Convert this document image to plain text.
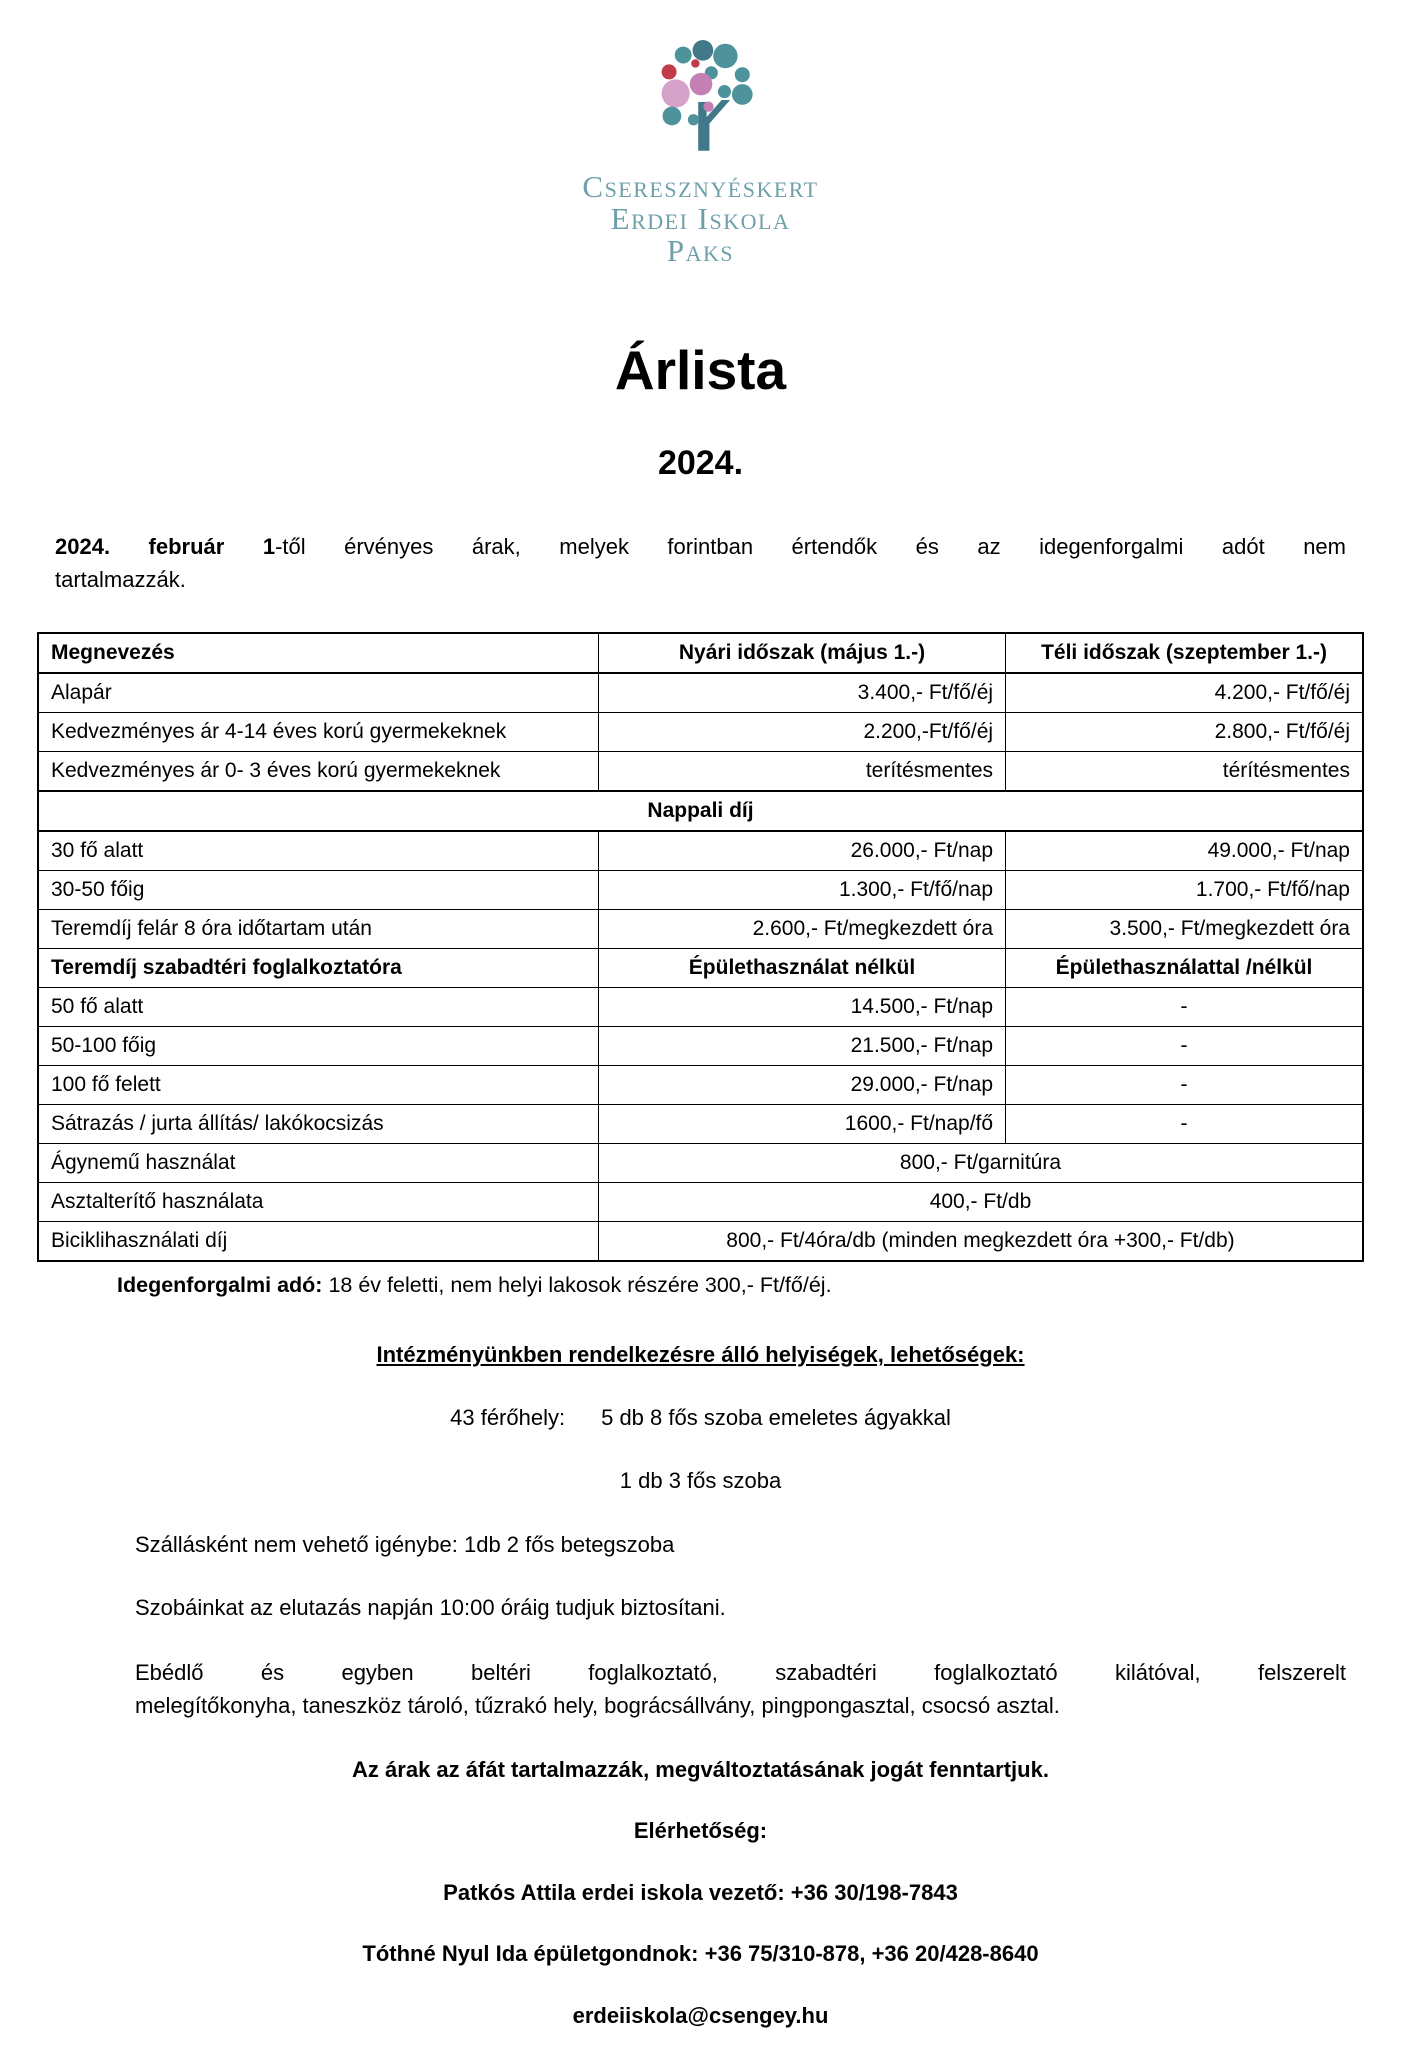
Cseresznyéskert
Erdei Iskola
Paks
Árlista
2024.
2024. február 1-től érvényes árak, melyek forintban értendők és az idegenforgalmi adót nem
tartalmazzák.
Megnevezés	Nyári időszak (május 1.-)	Téli időszak (szeptember 1.-)
Alapár	3.400,- Ft/fő/éj	4.200,- Ft/fő/éj
Kedvezményes ár 4-14 éves korú gyermekeknek	2.200,-Ft/fő/éj	2.800,- Ft/fő/éj
Kedvezményes ár 0- 3 éves korú gyermekeknek	terítésmentes	térítésmentes
Nappali díj		
30 fő alatt	26.000,- Ft/nap	49.000,- Ft/nap
30-50 főig	1.300,- Ft/fő/nap	1.700,- Ft/fő/nap
Teremdíj felár 8 óra időtartam után	2.600,- Ft/megkezdett óra	3.500,- Ft/megkezdett óra
Teremdíj szabadtéri foglalkoztatóra	Épülethasználat nélkül	Épülethasználattal /nélkül
50 fő alatt	14.500,- Ft/nap	-
50-100 főig	21.500,- Ft/nap	-
100 fő felett	29.000,- Ft/nap	-
Sátrazás / jurta állítás/ lakókocsizás	1600,- Ft/nap/fő	-
Ágynemű használat	800,- Ft/garnitúra	
Asztalterítő használata	400,- Ft/db	
Biciklihasználati díj	800,- Ft/4óra/db (minden megkezdett óra +300,- Ft/db)	
Idegenforgalmi adó: 18 év feletti, nem helyi lakosok részére 300,- Ft/fő/éj.
Intézményünkben rendelkezésre álló helyiségek, lehetőségek:
43 férőhely: 5 db 8 fős szoba emeletes ágyakkal
1 db 3 fős szoba
Szállásként nem vehető igénybe: 1db 2 fős betegszoba
Szobáinkat az elutazás napján 10:00 óráig tudjuk biztosítani.
Ebédlő és egyben beltéri foglalkoztató, szabadtéri foglalkoztató kilátóval, felszerelt
melegítőkonyha, taneszköz tároló, tűzrakó hely, bográcsállvány, pingpongasztal, csocsó asztal.
Az árak az áfát tartalmazzák, megváltoztatásának jogát fenntartjuk.
Elérhetőség:
Patkós Attila erdei iskola vezető: +36 30/198-7843
Tóthné Nyul Ida épületgondnok: +36 75/310-878, +36 20/428-8640
erdeiiskola@csengey.hu
